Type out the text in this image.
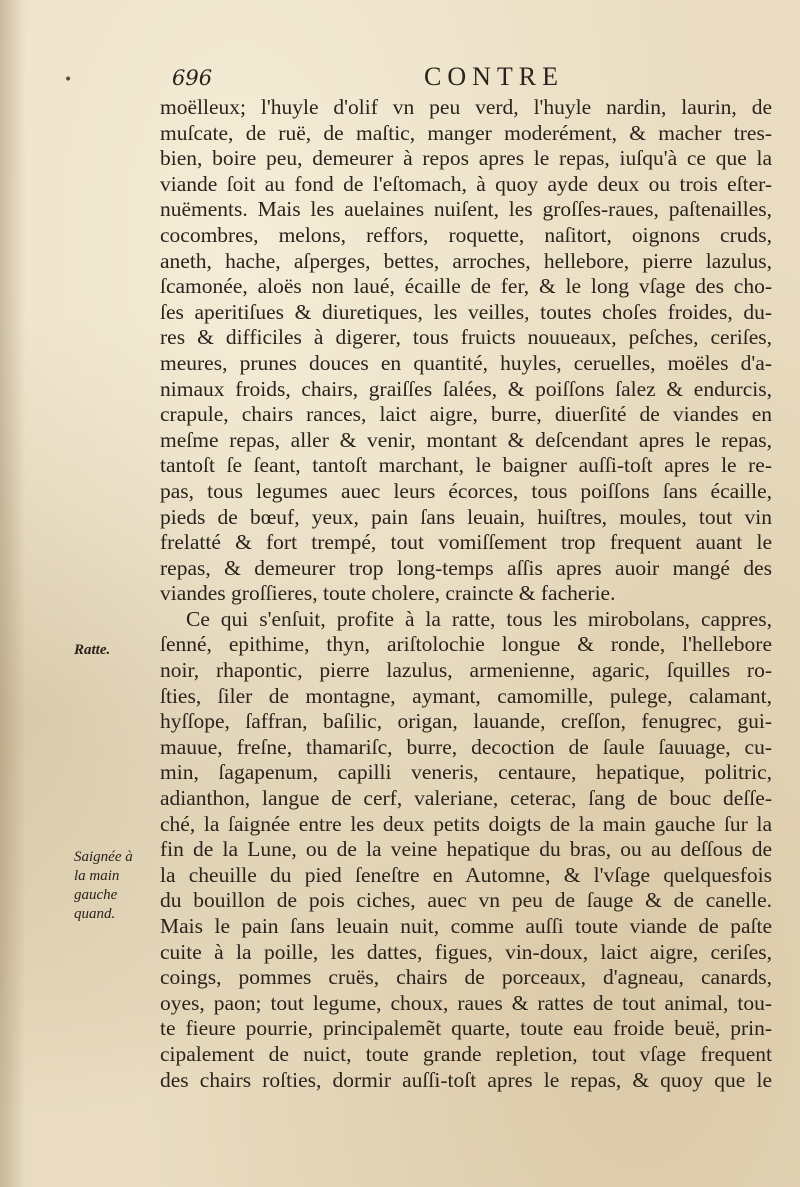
•	696	CONTRE
Ratte.
Saignée à
la main
gauche
quand.
moëlleux; l'huyle d'olif vn peu verd, l'huyle nardin, laurin, de
muſcate, de ruë, de maſtic, manger moderément, & macher tres-
bien, boire peu, demeurer à repos apres le repas, iuſqu'à ce que la
viande ſoit au fond de l'eſtomach, à quoy ayde deux ou trois eſter-
nuëments. Mais les auelaines nuiſent, les groſſes-raues, paſtenailles,
cocombres, melons, reffors, roquette, naſitort, oignons cruds,
aneth, hache, aſperges, bettes, arroches, hellebore, pierre lazulus,
ſcamonée, aloës non laué, écaille de fer, & le long vſage des cho-
ſes aperitiſues & diuretiques, les veilles, toutes choſes froides, du-
res & difficiles à digerer, tous fruicts nouueaux, peſches, ceriſes,
meures, prunes douces en quantité, huyles, ceruelles, moëles d'a-
nimaux froids, chairs, graiſſes ſalées, & poiſſons ſalez & endurcis,
crapule, chairs rances, laict aigre, burre, diuerſité de viandes en
meſme repas, aller & venir, montant & deſcendant apres le repas,
tantoſt ſe ſeant, tantoſt marchant, le baigner auſſi-toſt apres le re-
pas, tous legumes auec leurs écorces, tous poiſſons ſans écaille,
pieds de bœuf, yeux, pain ſans leuain, huiſtres, moules, tout vin
frelatté & fort trempé, tout vomiſſement trop frequent auant le
repas, & demeurer trop long-temps aſſis apres auoir mangé des
viandes groſſieres, toute cholere, craincte & facherie.
Ce qui s'enſuit, profite à la ratte, tous les mirobolans, cappres,
ſenné, epithime, thyn, ariſtolochie longue & ronde, l'hellebore
noir, rhapontic, pierre lazulus, armenienne, agaric, ſquilles ro-
ſties, ſiler de montagne, aymant, camomille, pulege, calamant,
hyſſope, ſaffran, baſilic, origan, lauande, creſſon, fenugrec, gui-
mauue, freſne, thamariſc, burre, decoction de ſaule ſauuage, cu-
min, ſagapenum, capilli veneris, centaure, hepatique, politric,
adianthon, langue de cerf, valeriane, ceterac, ſang de bouc deſſe-
ché, la ſaignée entre les deux petits doigts de la main gauche ſur la
fin de la Lune, ou de la veine hepatique du bras, ou au deſſous de
la cheuille du pied ſeneſtre en Automne, & l'vſage quelquesfois
du bouillon de pois ciches, auec vn peu de ſauge & de canelle.
Mais le pain ſans leuain nuit, comme auſſi toute viande de paſte
cuite à la poille, les dattes, figues, vin-doux, laict aigre, ceriſes,
coings, pommes cruës, chairs de porceaux, d'agneau, canards,
oyes, paon; tout legume, choux, raues & rattes de tout animal, tou-
te fieure pourrie, principalemẽt quarte, toute eau froide beuë, prin-
cipalement de nuict, toute grande repletion, tout vſage frequent
des chairs roſties, dormir auſſi-toſt apres le repas, & quoy que le
